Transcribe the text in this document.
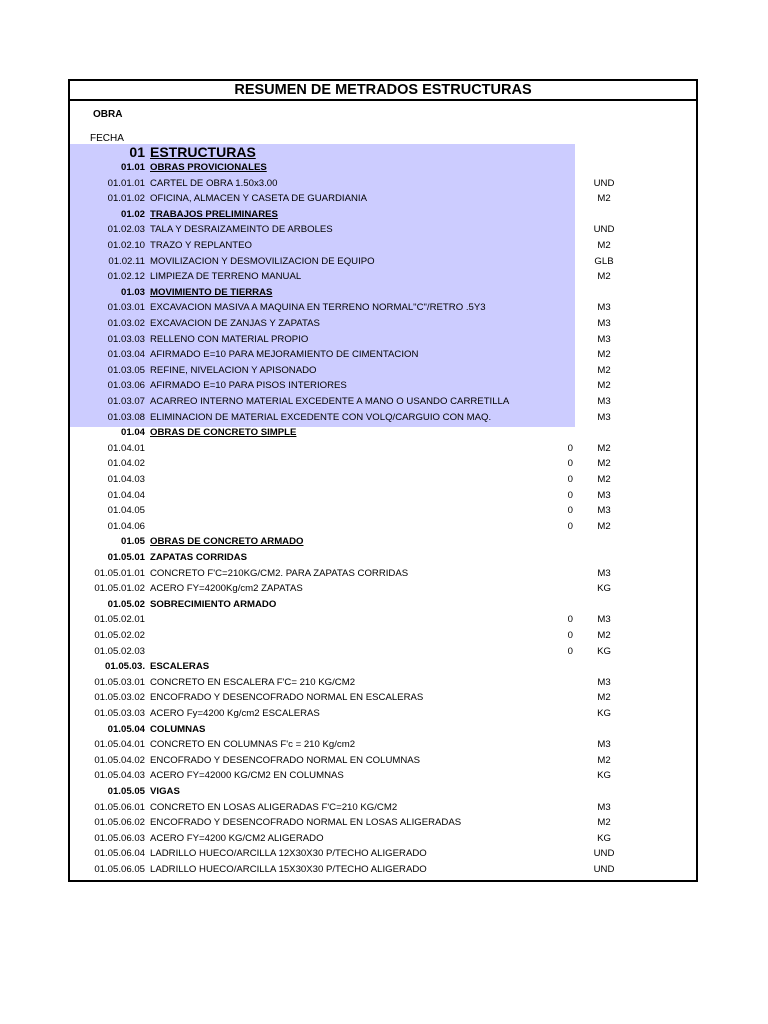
RESUMEN DE METRADOS ESTRUCTURAS
OBRA
FECHA
01 ESTRUCTURAS
01.01 OBRAS PROVICIONALES
01.01.01 CARTEL DE OBRA 1.50x3.00	UND
01.01.02 OFICINA, ALMACEN Y CASETA DE GUARDIANIA	M2
01.02 TRABAJOS PRELIMINARES
01.02.03 TALA Y DESRAIZAMEINTO DE ARBOLES	UND
01.02.10 TRAZO Y REPLANTEO	M2
01.02.11 MOVILIZACION Y DESMOVILIZACION DE EQUIPO	GLB
01.02.12 LIMPIEZA DE TERRENO MANUAL	M2
01.03 MOVIMIENTO DE TIERRAS
01.03.01 EXCAVACION MASIVA A MAQUINA EN TERRENO NORMAL"C"/RETRO .5Y3	M3
01.03.02 EXCAVACION DE ZANJAS Y ZAPATAS	M3
01.03.03 RELLENO CON MATERIAL PROPIO	M3
01.03.04 AFIRMADO E=10 PARA MEJORAMIENTO DE CIMENTACION	M2
01.03.05 REFINE, NIVELACION Y APISONADO	M2
01.03.06 AFIRMADO E=10 PARA PISOS INTERIORES	M2
01.03.07 ACARREO INTERNO MATERIAL EXCEDENTE A MANO O USANDO CARRETILLA	M3
01.03.08 ELIMINACION DE MATERIAL EXCEDENTE CON VOLQ/CARGUIO CON MAQ.	M3
01.04 OBRAS DE CONCRETO SIMPLE
01.04.01	0	M2
01.04.02	0	M2
01.04.03	0	M2
01.04.04	0	M3
01.04.05	0	M3
01.04.06	0	M2
01.05 OBRAS DE CONCRETO ARMADO
01.05.01 ZAPATAS CORRIDAS
01.05.01.01 CONCRETO F'C=210KG/CM2. PARA ZAPATAS CORRIDAS	M3
01.05.01.02 ACERO FY=4200Kg/cm2 ZAPATAS	KG
01.05.02 SOBRECIMIENTO ARMADO
01.05.02.01	0	M3
01.05.02.02	0	M2
01.05.02.03	0	KG
01.05.03. ESCALERAS
01.05.03.01 CONCRETO EN ESCALERA F'C= 210 KG/CM2	M3
01.05.03.02 ENCOFRADO Y DESENCOFRADO NORMAL EN ESCALERAS	M2
01.05.03.03 ACERO Fy=4200 Kg/cm2 ESCALERAS	KG
01.05.04 COLUMNAS
01.05.04.01 CONCRETO EN COLUMNAS F'c = 210 Kg/cm2	M3
01.05.04.02 ENCOFRADO Y DESENCOFRADO NORMAL EN COLUMNAS	M2
01.05.04.03 ACERO FY=42000 KG/CM2 EN COLUMNAS	KG
01.05.05 VIGAS
01.05.06.01 CONCRETO EN LOSAS ALIGERADAS F'C=210 KG/CM2	M3
01.05.06.02 ENCOFRADO Y DESENCOFRADO NORMAL EN LOSAS ALIGERADAS	M2
01.05.06.03 ACERO FY=4200 KG/CM2 ALIGERADO	KG
01.05.06.04 LADRILLO HUECO/ARCILLA 12X30X30 P/TECHO ALIGERADO	UND
01.05.06.05 LADRILLO HUECO/ARCILLA 15X30X30 P/TECHO ALIGERADO	UND
